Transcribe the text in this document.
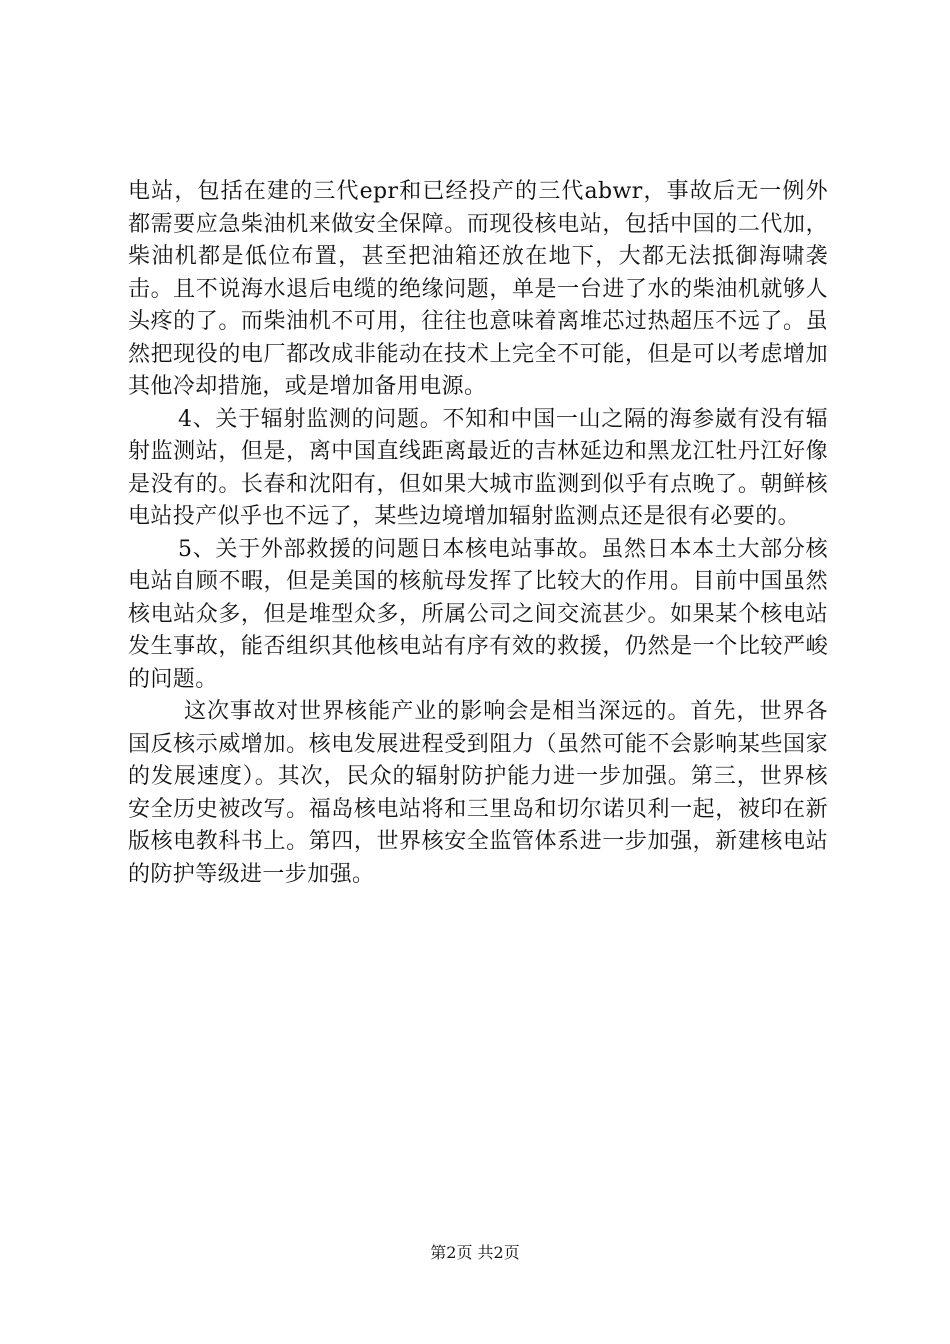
电站，包括在建的三代epr和已经投产的三代abwr，事故后无一例外都需要应急柴油机来做安全保障。而现役核电站，包括中国的二代加，柴油机都是低位布置，甚至把油箱还放在地下，大都无法抵御海啸袭击。且不说海水退后电缆的绝缘问题，单是一台进了水的柴油机就够人头疼的了。而柴油机不可用，往往也意味着离堆芯过热超压不远了。虽然把现役的电厂都改成非能动在技术上完全不可能，但是可以考虑增加其他冷却措施，或是增加备用电源。

4、关于辐射监测的问题。不知和中国一山之隔的海参崴有没有辐射监测站，但是，离中国直线距离最近的吉林延边和黑龙江牡丹江好像是没有的。长春和沈阳有，但如果大城市监测到似乎有点晚了。朝鲜核电站投产似乎也不远了，某些边境增加辐射监测点还是很有必要的。

5、关于外部救援的问题日本核电站事故。虽然日本本土大部分核电站自顾不暇，但是美国的核航母发挥了比较大的作用。目前中国虽然核电站众多，但是堆型众多，所属公司之间交流甚少。如果某个核电站发生事故，能否组织其他核电站有序有效的救援，仍然是一个比较严峻的问题。

这次事故对世界核能产业的影响会是相当深远的。首先，世界各国反核示威增加。核电发展进程受到阻力（虽然可能不会影响某些国家的发展速度）。其次，民众的辐射防护能力进一步加强。第三，世界核安全历史被改写。福岛核电站将和三里岛和切尔诺贝利一起，被印在新版核电教科书上。第四，世界核安全监管体系进一步加强，新建核电站的防护等级进一步加强。

第2页 共2页
